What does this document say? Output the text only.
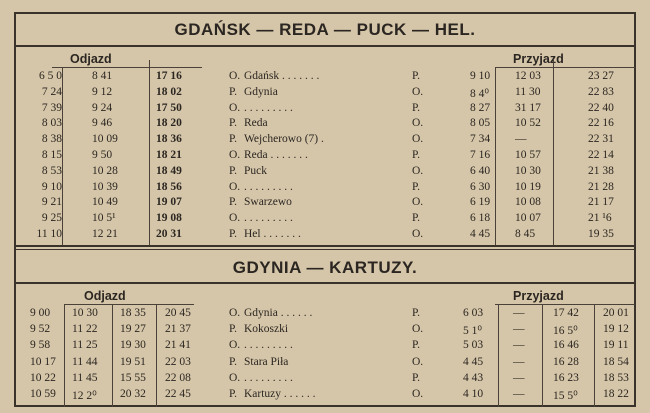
GDAŃSK — REDA — PUCK — HEL.
Odjazd	Przyjazd
6 5 0	8 41	17 16	O. Gdańsk . . . . . . .	P.	9 10	12 03	23 27
7 24	9 12	18 02	P. Gdynia	O.	8 4⁰	11 30	22 83
7 39	9 24	17 50	O. . . . . . . . . .	P.	8 27	31 17	22 40
8 03	9 46	18 20	P. Reda	O.	8 05	10 52	22 16
8 38	10 09	18 36	P. Wejcherowo (7) .	O.	7 34	—	22 31
8 15	9 50	18 21	O. Reda . . . . . . .	P.	7 16	10 57	22 14
8 53	10 28	18 49	P. Puck	O.	6 40	10 30	21 38
9 10	10 39	18 56	O. . . . . . . . . .	P.	6 30	10 19	21 28
9 21	10 49	19 07	P. Swarzewo	O.	6 19	10 08	21 17
9 25	10 5¹	19 08	O. . . . . . . . . .	P.	6 18	10 07	21 ¹6
11 10	12 21	20 31	P. Hel . . . . . . .	O.	4 45	8 45	19 35
GDYNIA — KARTUZY.
Odjazd	Przyjazd
9 00	10 30	18 35	20 45	O. Gdynia . . . . . .	P.	6 03	—	17 42	20 01
9 52	11 22	19 27	21 37	P. Kokoszki	O.	5 1⁰	—	16 5⁰	19 12
9 58	11 25	19 30	21 41	O. . . . . . . . . .	P.	5 03	—	16 46	19 11
10 17	11 44	19 51	22 03	P. Stara Piła	O.	4 45	—	16 28	18 54
10 22	11 45	15 55	22 08	O. . . . . . . . . .	P.	4 43	—	16 23	18 53
10 59	12 2⁰	20 32	22 45	P. Kartuzy . . . . . .	O.	4 10	—	15 5⁰	18 22
